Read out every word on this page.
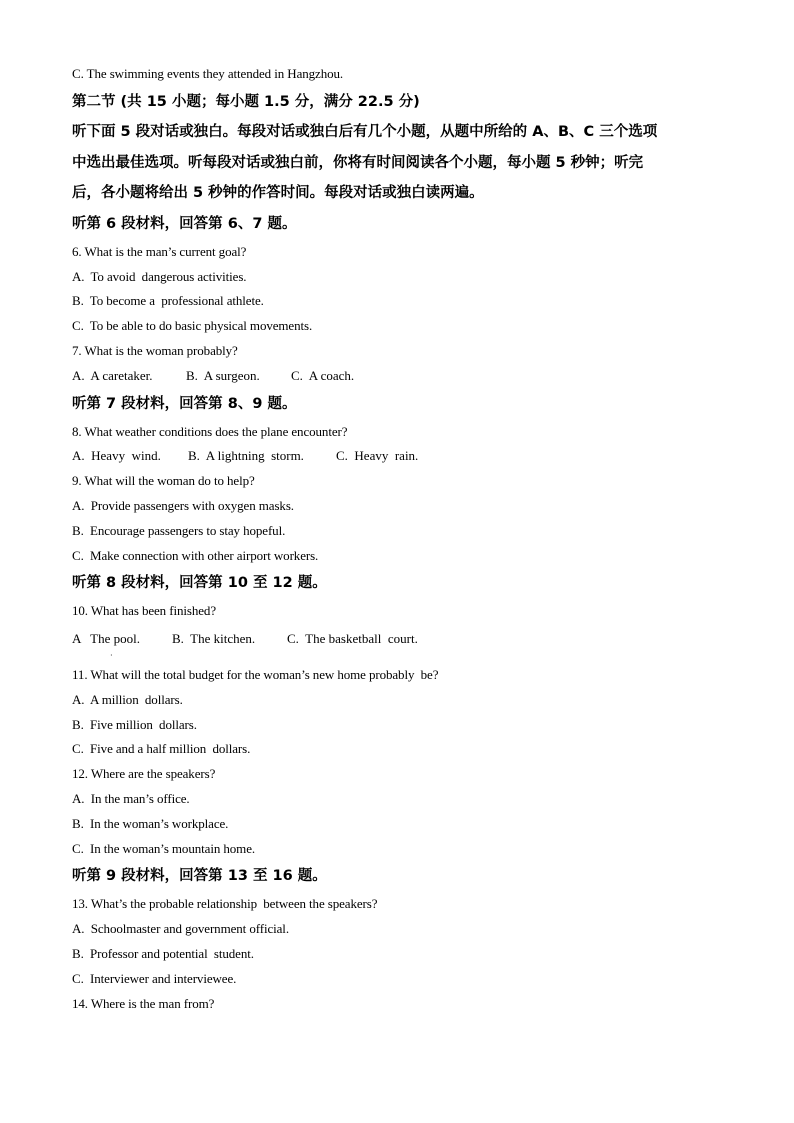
C. The swimming events they attended in Hangzhou.
第二节 (共 15 小题；每小题 1.5 分，满分 22.5 分)
听下面 5 段对话或独白。每段对话或独白后有几个小题，从题中所给的 A、B、C 三个选项
中选出最佳选项。听每段对话或独白前，你将有时间阅读各个小题，每小题 5 秒钟；听完
后，各小题将给出 5 秒钟的作答时间。每段对话或独白读两遍。
听第 6 段材料，回答第 6、7 题。
6. What is the man’s current goal?
A.  To avoid  dangerous activities.
B.  To become a  professional athlete.
C.  To be able to do basic physical movements.
7. What is the woman probably?
A.  A caretaker.	B.  A surgeon.	C.  A coach.
听第 7 段材料，回答第 8、9 题。
8. What weather conditions does the plane encounter?
A.  Heavy  wind.	B.  A lightning  storm.	C.  Heavy  rain.
9. What will the woman do to help?
A.  Provide passengers with oxygen masks.
B.  Encourage passengers to stay hopeful.
C.  Make connection with other airport workers.
听第 8 段材料，回答第 10 至 12 题。
10. What has been finished?
A   The pool.	B.  The kitchen.	C.  The basketball  court.
·
11. What will the total budget for the woman’s new home probably  be?
A.  A million  dollars.
B.  Five million  dollars.
C.  Five and a half million  dollars.
12. Where are the speakers?
A.  In the man’s office.
B.  In the woman’s workplace.
C.  In the woman’s mountain home.
听第 9 段材料，回答第 13 至 16 题。
13. What’s the probable relationship  between the speakers?
A.  Schoolmaster and government official.
B.  Professor and potential  student.
C.  Interviewer and interviewee.
14. Where is the man from?
